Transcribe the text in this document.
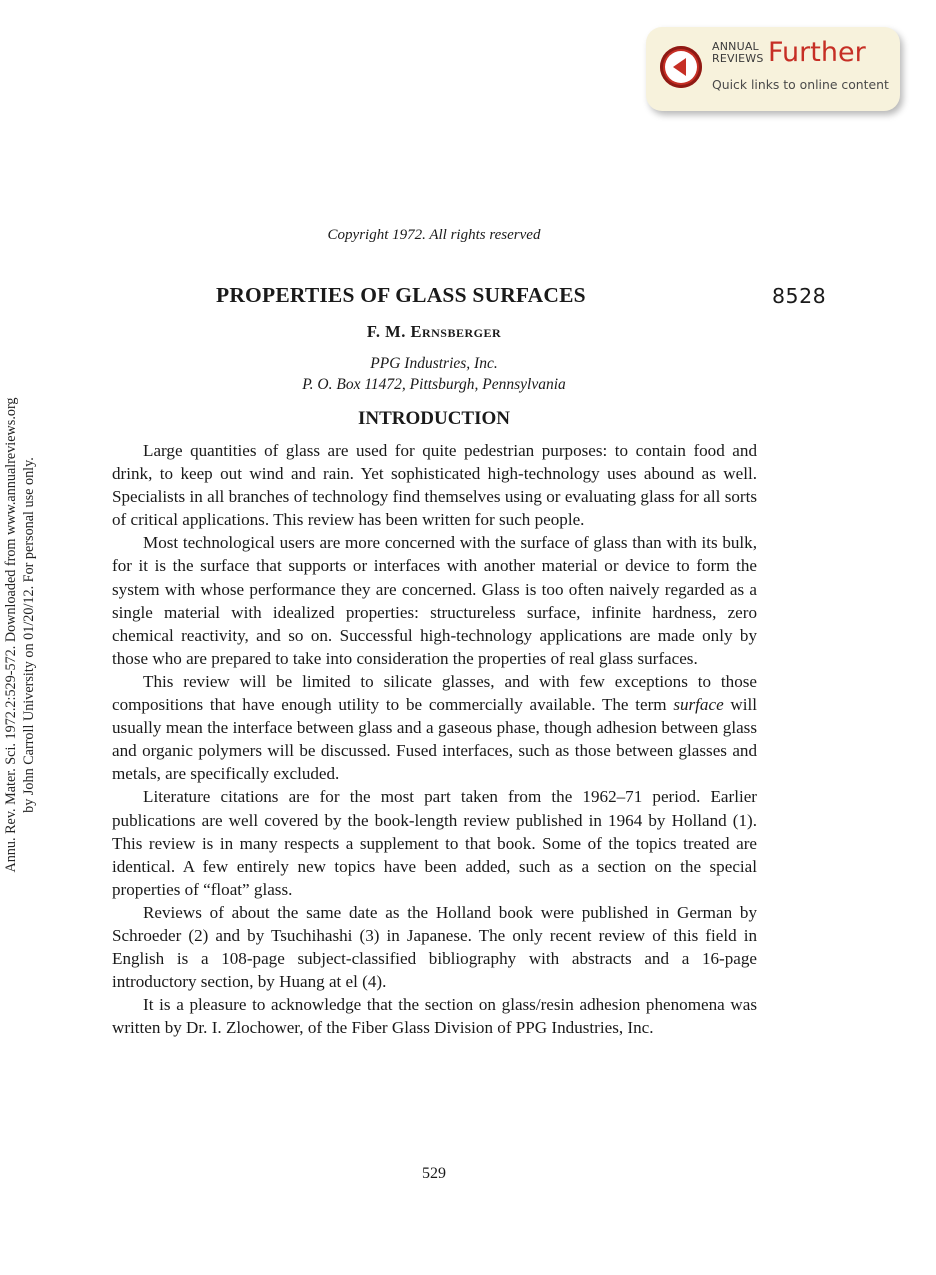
Annu. Rev. Mater. Sci. 1972.2:529-572. Downloaded from www.annualreviews.org by John Carroll University on 01/20/12. For personal use only.
ANNUAL
REVIEWS Further
Quick links to online content
Copyright 1972. All rights reserved
PROPERTIES OF GLASS SURFACES	8528
F. M. Ernsberger
PPG Industries, Inc.
P. O. Box 11472, Pittsburgh, Pennsylvania
INTRODUCTION

Large quantities of glass are used for quite pedestrian purposes: to contain food and drink, to keep out wind and rain. Yet sophisticated high-technology uses abound as well. Specialists in all branches of technology find themselves using or evaluating glass for all sorts of critical applications. This review has been written for such people.

Most technological users are more concerned with the surface of glass than with its bulk, for it is the surface that supports or interfaces with another material or device to form the system with whose performance they are concerned. Glass is too often naively regarded as a single material with idealized properties: structureless surface, infinite hardness, zero chemical reactivity, and so on. Successful high-technology applications are made only by those who are prepared to take into consideration the properties of real glass surfaces.

This review will be limited to silicate glasses, and with few exceptions to those compositions that have enough utility to be commercially available. The term surface will usually mean the interface between glass and a gaseous phase, though adhesion between glass and organic polymers will be discussed. Fused interfaces, such as those between glasses and metals, are specifically excluded.

Literature citations are for the most part taken from the 1962–71 period. Earlier publications are well covered by the book-length review published in 1964 by Holland (1). This review is in many respects a supplement to that book. Some of the topics treated are identical. A few entirely new topics have been added, such as a section on the special properties of “float” glass.

Reviews of about the same date as the Holland book were published in German by Schroeder (2) and by Tsuchihashi (3) in Japanese. The only recent review of this field in English is a 108-page subject-classified bibliography with abstracts and a 16-page introductory section, by Huang at el (4).

It is a pleasure to acknowledge that the section on glass/resin adhesion phenomena was written by Dr. I. Zlochower, of the Fiber Glass Division of PPG Industries, Inc.

529
